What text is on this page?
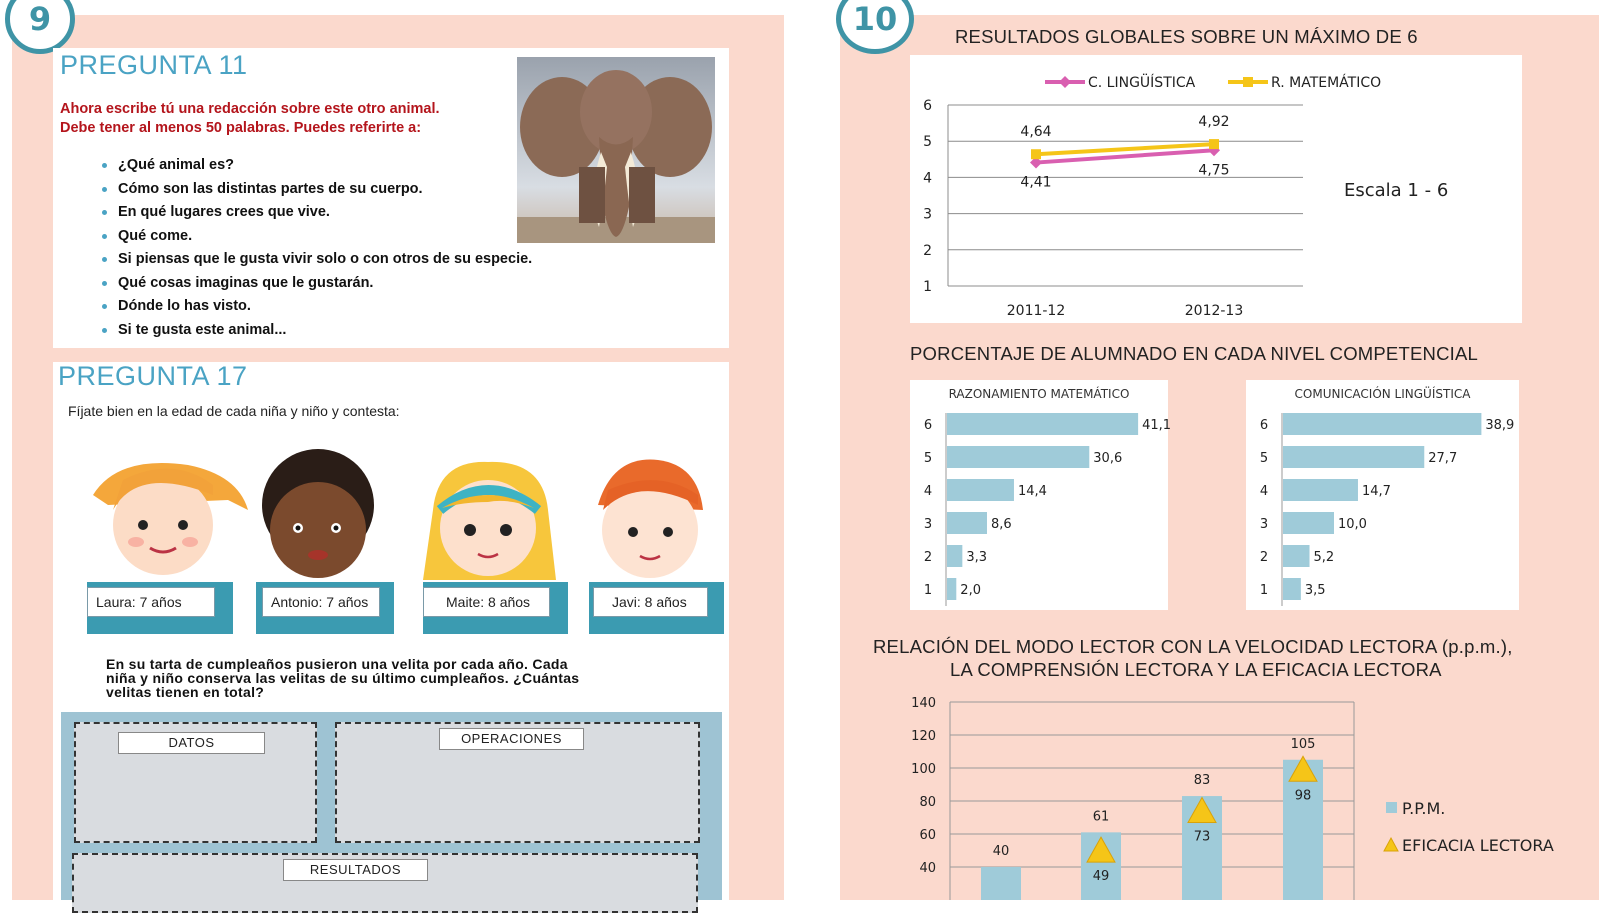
9
PREGUNTA 11
Ahora escribe tú una redacción sobre este otro animal.
Debe tener al menos 50 palabras. Puedes referirte a:
¿Qué animal es?
Cómo son las distintas partes de su cuerpo.
En qué lugares crees que vive.
Qué come.
Si piensas que le gusta vivir solo o con otros de su especie.
Qué cosas imaginas que le gustarán.
Dónde lo has visto.
Si te gusta este animal...
PREGUNTA 17
Fíjate bien en la edad de cada niña y niño y contesta:
Laura: 7 años	Antonio: 7 años	Maite: 8 años	Javi: 8 años
En su tarta de cumpleaños pusieron una velita por cada año. Cada
niña y niño conserva las velitas de su último cumpleaños. ¿Cuántas
velitas tienen en total?
DATOS	OPERACIONES
RESULTADOS
10	RESULTADOS GLOBALES SOBRE UN MÁXIMO DE 6
1
2
3
4
5
6
2011-12	2012-13
4,41
4,75
4,64
4,92
C. LINGÜÍSTICA	R. MATEMÁTICO
Escala 1 - 6
PORCENTAJE DE ALUMNADO EN CADA NIVEL COMPETENCIAL
RAZONAMIENTO MATEMÁTICO
6	41,1
5	30,6
4	14,4
3	8,6
2	3,3
1 2,0
COMUNICACIÓN LINGÜÍSTICA
6	38,9
5	27,7
4	14,7
3	10,0
2	5,2
1	3,5
RELACIÓN DEL MODO LECTOR CON LA VELOCIDAD LECTORA (p.p.m.),
LA COMPRENSIÓN LECTORA Y LA EFICACIA LECTORA
40
60
80
100
120
140
40
61
83
105
49
73
98
P.P.M.
EFICACIA LECTORA
